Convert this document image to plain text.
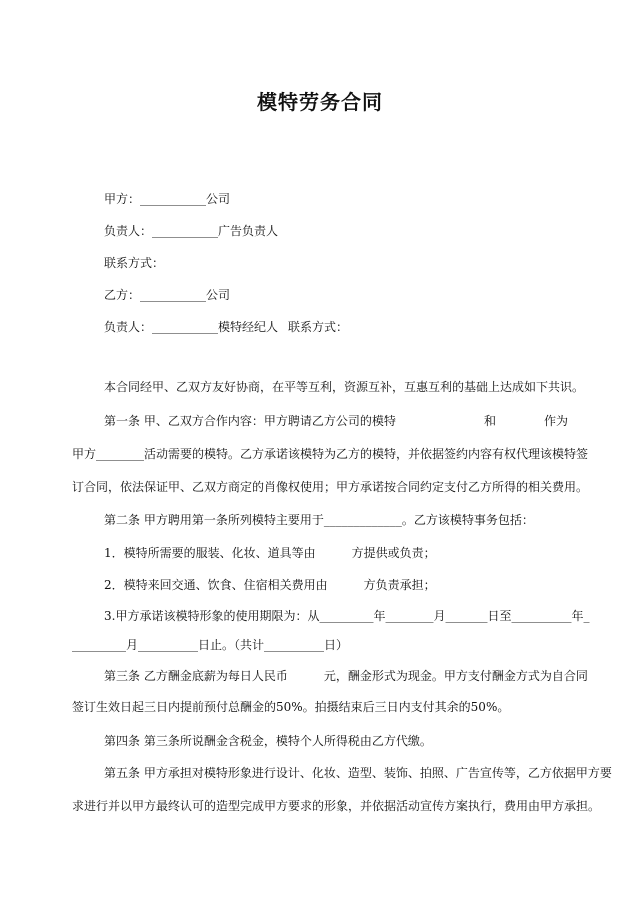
模特劳务合同

甲方：___________公司

负责人：___________广告负责人

联系方式：

乙方：___________公司

负责人：___________模特经纪人 联系方式：

本合同经甲、乙双方友好协商，在平等互利，资源互补，互惠互利的基础上达成如下共识。

第一条 甲、乙双方合作内容：甲方聘请乙方公司的模特	和	作为

甲方________活动需要的模特。乙方承诺该模特为乙方的模特，并依据签约内容有权代理该模特签

订合同，依法保证甲、乙双方商定的肖像权使用；甲方承诺按合同约定支付乙方所得的相关费用。

第二条 甲方聘用第一条所列模特主要用于_____________。乙方该模特事务包括：

1．模特所需要的服装、化妆、道具等由　　　方提供或负责；

2．模特来回交通、饮食、住宿相关费用由　　　方负责承担；

3.甲方承诺该模特形象的使用期限为：从_________年________月_______日至__________年_

_________月__________日止。（共计__________日）

第三条 乙方酬金底薪为每日人民币　　　元，酬金形式为现金。甲方支付酬金方式为自合同

签订生效日起三日内提前预付总酬金的50%。拍摄结束后三日内支付其余的50%。

第四条 第三条所说酬金含税金，模特个人所得税由乙方代缴。

第五条 甲方承担对模特形象进行设计、化妆、造型、装饰、拍照、广告宣传等，乙方依据甲方要

求进行并以甲方最终认可的造型完成甲方要求的形象，并依据活动宣传方案执行，费用由甲方承担。
